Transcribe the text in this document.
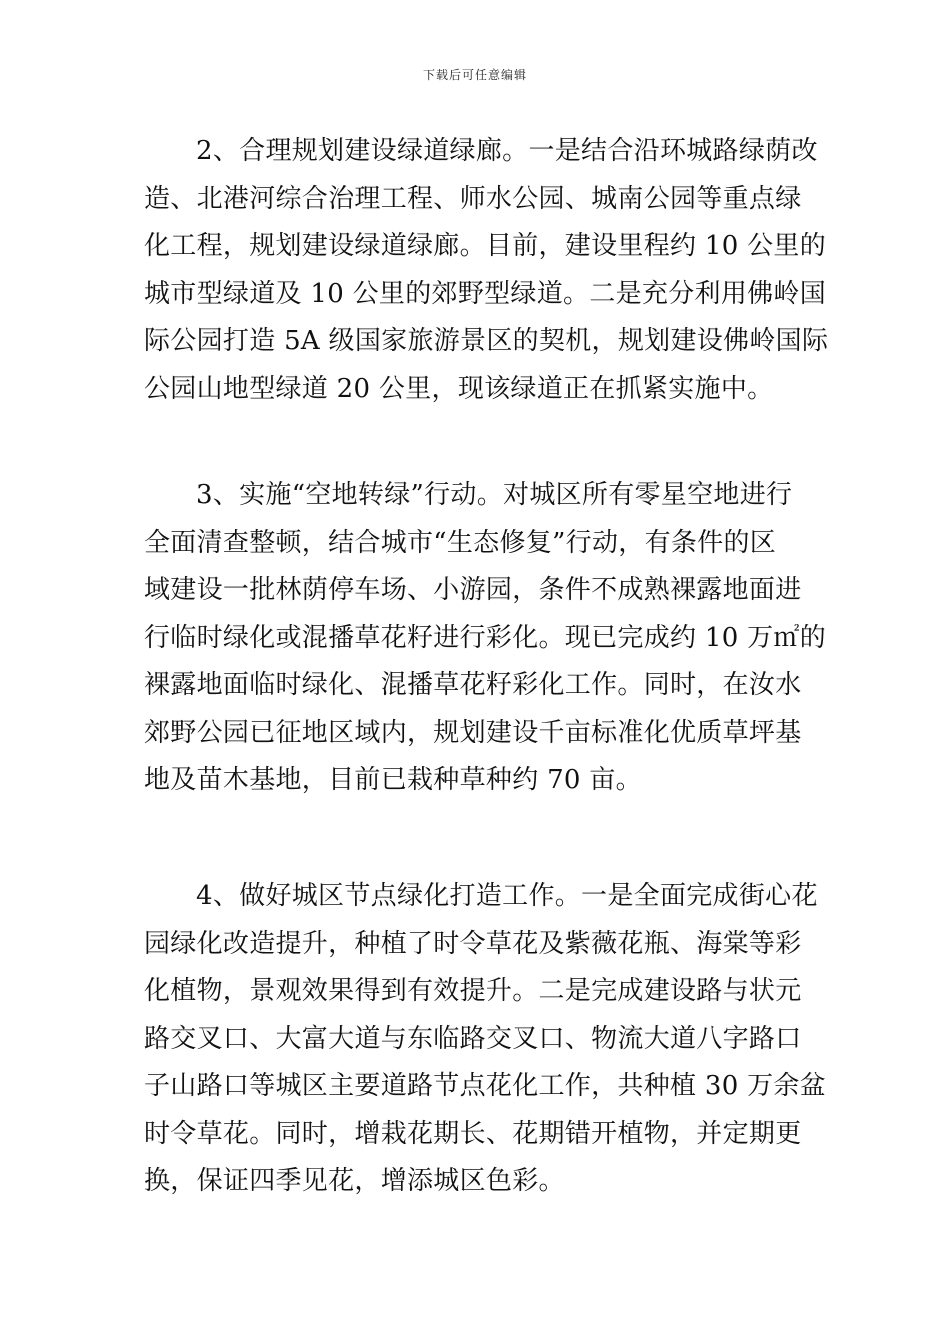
下载后可任意编辑
2、合理规划建设绿道绿廊。一是结合沿环城路绿荫改
造、北港河综合治理工程、师水公园、城南公园等重点绿
化工程，规划建设绿道绿廊。目前，建设里程约 10 公里的
城市型绿道及 10 公里的郊野型绿道。二是充分利用佛岭国
际公园打造 5A 级国家旅游景区的契机，规划建设佛岭国际
公园山地型绿道 20 公里，现该绿道正在抓紧实施中。
3、实施“空地转绿”行动。对城区所有零星空地进行
全面清查整顿，结合城市“生态修复”行动，有条件的区
域建设一批林荫停车场、小游园，条件不成熟裸露地面进
行临时绿化或混播草花籽进行彩化。现已完成约 10 万㎡的
裸露地面临时绿化、混播草花籽彩化工作。同时，在汝水
郊野公园已征地区域内，规划建设千亩标准化优质草坪基
地及苗木基地，目前已栽种草种约 70 亩。
4、做好城区节点绿化打造工作。一是全面完成街心花
园绿化改造提升，种植了时令草花及紫薇花瓶、海棠等彩
化植物，景观效果得到有效提升。二是完成建设路与状元
路交叉口、大富大道与东临路交叉口、物流大道八字路口
子山路口等城区主要道路节点花化工作，共种植 30 万余盆
时令草花。同时，增栽花期长、花期错开植物，并定期更
换，保证四季见花，增添城区色彩。
